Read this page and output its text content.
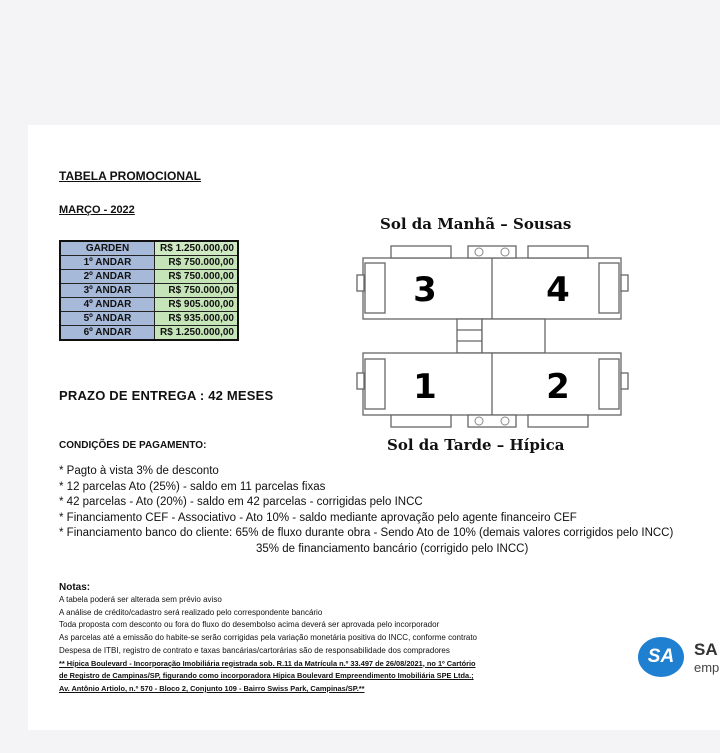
TABELA PROMOCIONAL
MARÇO - 2022
GARDEN	R$ 1.250.000,00
1º ANDAR	R$ 750.000,00
2º ANDAR	R$ 750.000,00
3º ANDAR	R$ 750.000,00
4º ANDAR	R$ 905.000,00
5º ANDAR	R$ 935.000,00
6º ANDAR	R$ 1.250.000,00
Sol da Manhã – Sousas
3	4
1	2
Sol da Tarde – Hípica
PRAZO DE ENTREGA : 42 MESES
CONDIÇÕES DE PAGAMENTO:
* Pagto à vista 3% de desconto
* 12 parcelas Ato (25%) - saldo em 11 parcelas fixas
* 42 parcelas - Ato (20%) - saldo em 42 parcelas - corrigidas pelo INCC
* Financiamento CEF - Associativo - Ato 10% - saldo mediante aprovação pelo agente financeiro CEF
* Financiamento banco do cliente: 65% de fluxo durante obra - Sendo Ato de 10% (demais valores corrigidos pelo INCC)
35% de financiamento bancário (corrigido pelo INCC)
Notas:
A tabela poderá ser alterada sem prévio aviso
A análise de crédito/cadastro será realizado pelo correspondente bancário
Toda proposta com desconto ou fora do fluxo do desembolso acima deverá ser aprovada pelo incorporador
As parcelas até a emissão do habite-se serão corrigidas pela variação monetária positiva do INCC, conforme contrato
Despesa de ITBI, registro de contrato e taxas bancárias/cartorárias são de responsabilidade dos compradores
** Hípica Boulevard - Incorporação Imobiliária registrada sob. R.11 da Matrícula n.º 33.497 de 26/08/2021, no 1º Cartório
de Registro de Campinas/SP, figurando como incorporadora Hípica Boulevard Empreendimento Imobiliária SPE Ltda.;
Av. Antônio Artiolo, n.º 570 - Bloco 2, Conjunto 109 - Bairro Swiss Park, Campinas/SP.**
SA	SA
emp
